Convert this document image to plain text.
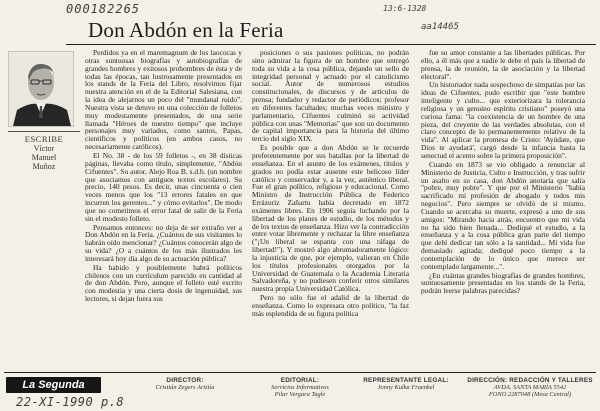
000182265	13:6-1328
aa14465
Don Abdón en la Feria
ESCRIBE
Víctor
Manuel
Muñoz

Perdidos ya en el maremagnum de los laococas y otras suntuosas biografías y autobiografías de grandes hombres y exitosos prohombres de ésta y de todas las épocas, tan lustrosamente presentados en los stands de la Feria del Libro, resolvimos fijar nuestra atención en el de la Editorial Salesiana, con la idea de alejarnos un poco del "mundanal ruido". Nuestra vista se detuvo en una colección de folletos muy modestamente presentados, de una serie llamada "Héroes de nuestro tiempo" que incluye personajes muy variados, como santos, Papas, científicos y políticos (en ambos casos, no necesariamente católicos).

El No. 38 - de los 59 folletos -, en 38 dísticas páginas, llevaba como título, simplemente, "Abdón Cifuentes". Su autor, Alejo Roa B. s.d.b. (un nombre que asociamos con antiguos textos escolares). Su precio, 140 pesos. Es decir, unas cincuenta o cien veces menos que los "13 errores fatales en que incurren los gerentes..." y cómo evitarlos". De modo que no cometimos el error fatal de salir de la Feria sin el modesto folleto.

Pensamos entonces: no deja de ser extraño ver a Don Abdón en la Feria. ¿Cuántos de sus visitantes lo habrán oído mencionar? ¿Cuántos conocerán algo de su vida? ¿O a cuántos de los más ilustrados les interesará hoy día algo de su actuación pública?

Ha habido y posiblemente habrá políticos chilenos con un currículum parecido en cantidad al de don Abdón. Pero, aunque el folleto esté escrito con modestia y una cierta dosis de ingenuidad, sus lectores, si dejan fuera sus

posiciones o sus pasiones políticas, no podrán sino admirar la figura de un hombre que entregó toda su vida a la cosa pública, dejando un sello de integridad personal y actuado por el catolicismo social. Autor de numerosos estudios constitucionales, de discursos y de artículos de prensa; fundador y redactor de periódicos; profesor en diferentes facultades; muchas veces ministro y parlamentario, Cifuentes culminó su actividad pública con unas "Memorias" que son un documento de capital importancia para la historia del último tercio del siglo XIX.

Es posible que a don Abdón se le recuerde preferentemente por sus batallas por la libertad de enseñanza. En el asunto de los exámenes, títulos y grados no podía estar ausente este belicoso líder católico y conservador y, a la vez, auténtico liberal. Fue el gran político, religioso y educacional. Como Ministro de Instrucción Pública de Federico Errázuriz Zañartu había decretado en 1872 exámenes libres. En 1906 seguía luchando por la libertad de los planes de estudio, de los métodos y de los textos de enseñanza. Hizo ver la contradicción entre votar libremente y rechazar la libre enseñanza ("¡Un liberal se espanta con una ráfaga de libertad!"). Y mostró algo abrumadoramente lógico: la injusticia de que, por ejemplo, valieran en Chile los títulos profesionales otorgados por la Universidad de Guatemala o la Academia Literaria Salvadoreña, y no pudiesen conferir otros similares nuestra propia Universidad Católica.

Pero no sólo fue el adalid de la libertad de enseñanza. Como lo expresara otro político, "la faz más esplendida de su figura política

fue su amor constante a las libertades públicas. Por ello, a él más que a nadie le debe el país la libertad de prensa, la de reunión, la de asociación y la libertad electoral".

Un historiador nada sospechoso de simpatías por las ideas de Cifuentes, pudo escribir que "este hombre inteligente y culto... que exteriorizara la tolerancia religiosa y un genuino espíritu cristiano" poseyó una curiosa fama: "la coexistencia de un hombre de una pieza, del creyente de las verdades absolutas, con el claro concepto de lo permanentemente relativo de la vida". Al aplicar la promesa de Cristo: 'Ayúdate, que Dios te ayudará', cargó desde la infancia hasta la senectud el acento sobre la primera proposición".

Cuando en 1873 se vio obligado a renunciar al Ministerio de Justicia, Culto e Instrucción, y tras sufrir un asalto en su casa, don Abdón anotaría que salía "pobre, muy pobre". Y que por el Ministerio "había sacrificado mi profesión de abogado y todos mis negocios". Pero siempre se olvidó de sí mismo. Cuando se acercaba su muerte, expresó a uno de sus amigos: "Mirando hacia atrás, encuentro que mi vida no ha sido bien llenada... Dediqué el estudio, a la enseñanza y a la cosa pública gran parte del tiempo que debí dedicar tan sólo a la santidad... Mi vida fue demasiado agitada; dediqué poco tiempo a la contemplación de lo único que merece ser contemplado largamente...".

¿En cuántas grandes biografías de grandes hombres, suntuosamente presentadas en los stands de la Feria, podrán leerse palabras parecidas?

La Segunda
22-XI-1990 p.8
DIRECTOR:
Cristián Zegers Ariztía
EDITORIAL:
Servicios Informativos
Pilar Vergara Tagle
REPRESENTANTE LEGAL:
Jonny Kulka Fraenkel
DIRECCIÓN: REDACCIÓN Y TALLERES
AVDA. SANTA MARÍA 5542
FONO 2287048 (Mesa Central)
